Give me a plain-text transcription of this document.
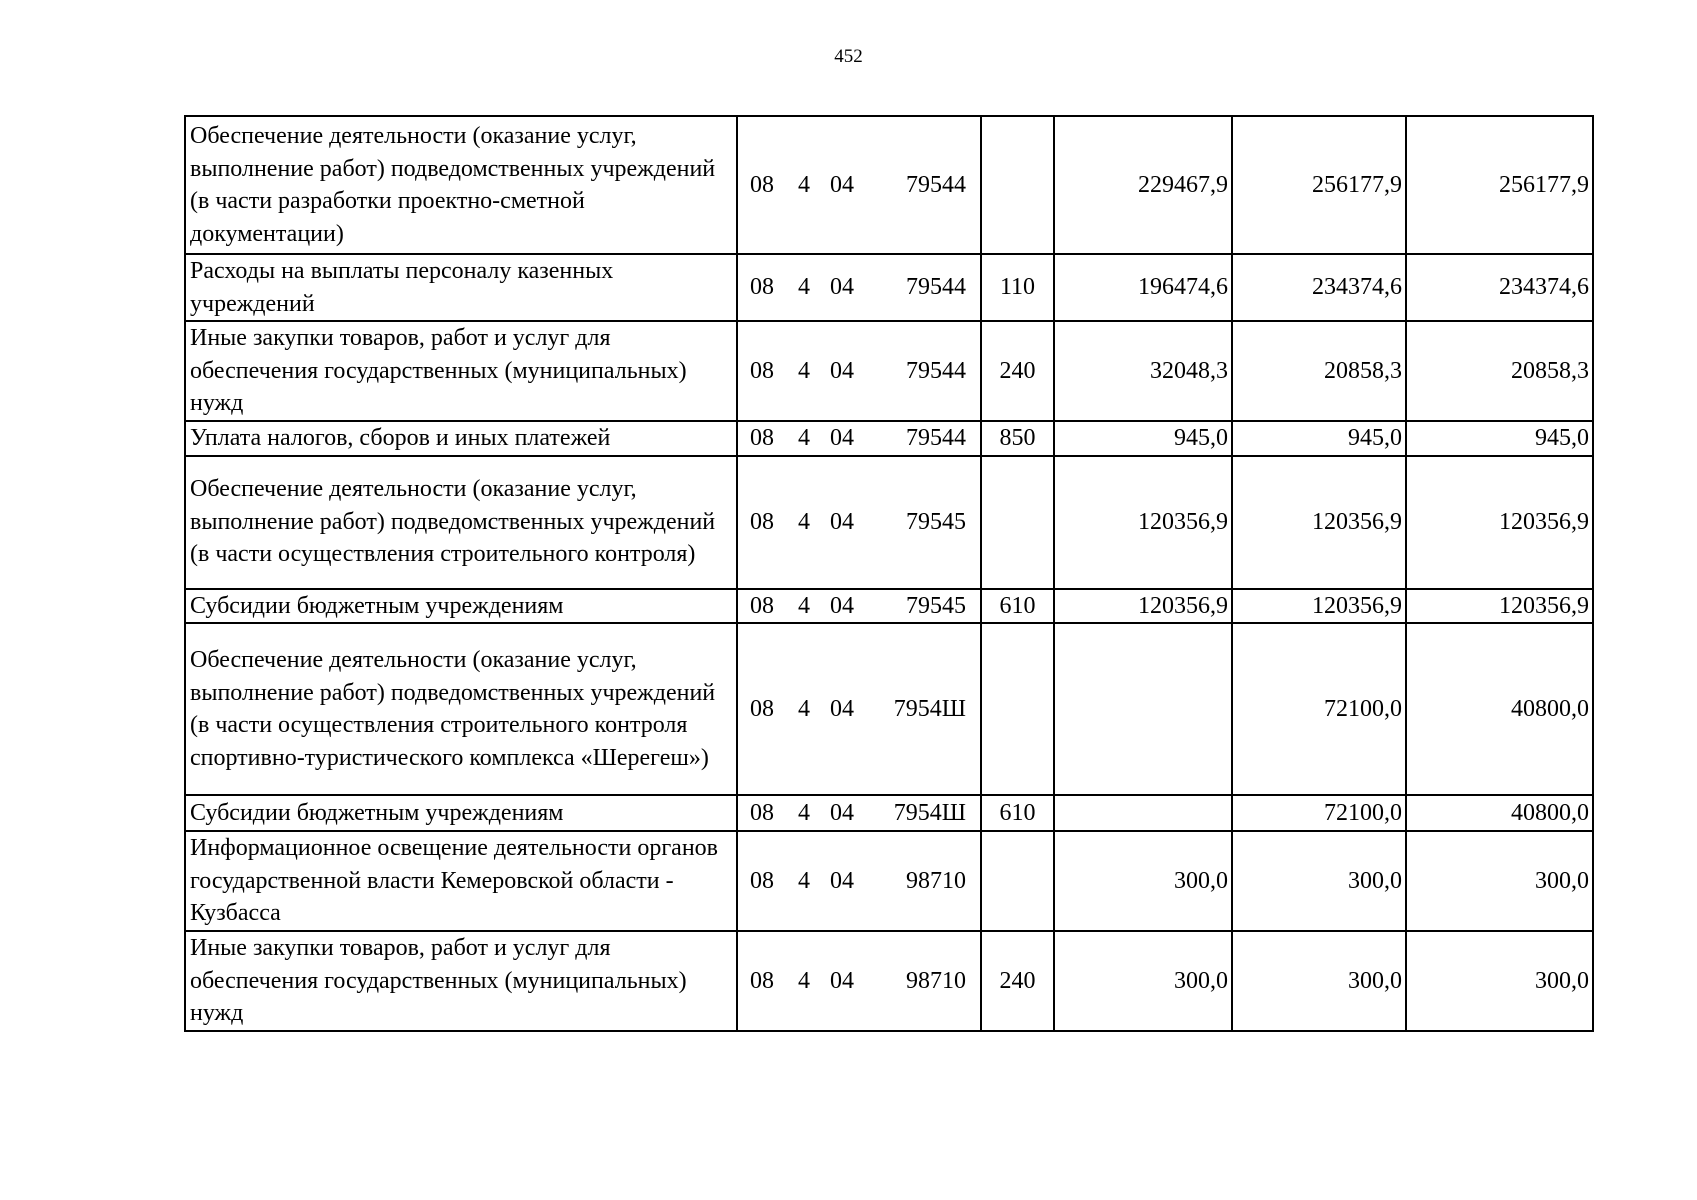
452
Обеспечение деятельности (оказание услуг, выполнение работ) подведомственных учреждений (в части разработки проектно-сметной документации)	08 4 04 79544		229467,9	256177,9	256177,9
Расходы на выплаты персоналу казенных учреждений	08 4 04 79544	110	196474,6	234374,6	234374,6
Иные закупки товаров, работ и услуг для обеспечения государственных (муниципальных) нужд	08 4 04 79544	240	32048,3	20858,3	20858,3
Уплата налогов, сборов и иных платежей	08 4 04 79544	850	945,0	945,0	945,0
Обеспечение деятельности (оказание услуг, выполнение работ) подведомственных учреждений (в части осуществления строительного контроля)	08 4 04 79545		120356,9	120356,9	120356,9
Субсидии бюджетным учреждениям	08 4 04 79545	610	120356,9	120356,9	120356,9
Обеспечение деятельности (оказание услуг, выполнение работ) подведомственных учреждений (в части осуществления строительного контроля спортивно-туристического комплекса «Шерегеш»)	08 4 04 7954Ш			72100,0	40800,0
Субсидии бюджетным учреждениям	08 4 04 7954Ш	610		72100,0	40800,0
Информационное освещение деятельности органов государственной власти Кемеровской области - Кузбасса	08 4 04 98710		300,0	300,0	300,0
Иные закупки товаров, работ и услуг для обеспечения государственных (муниципальных) нужд	08 4 04 98710	240	300,0	300,0	300,0
